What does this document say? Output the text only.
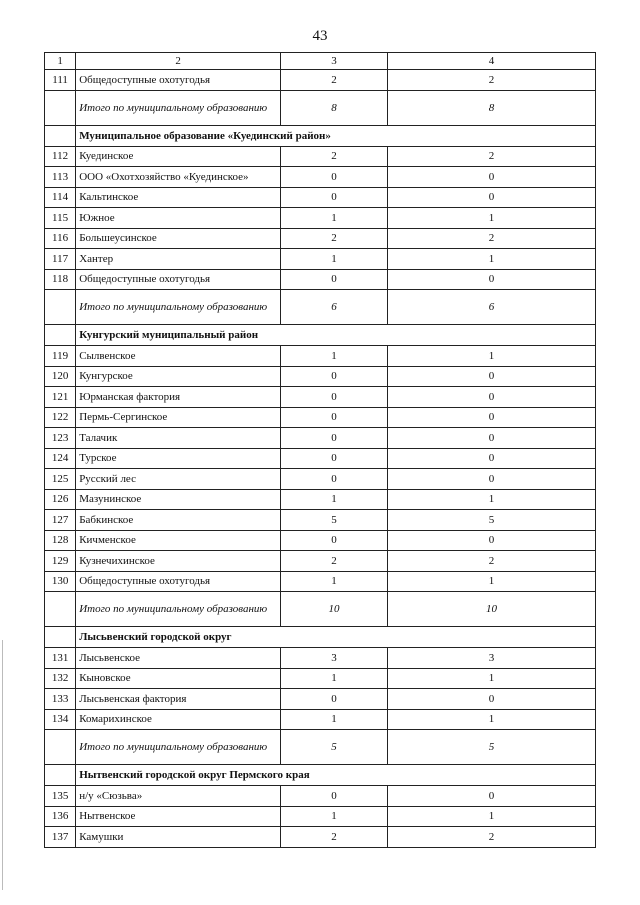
43
1	2	3	4
111	Общедоступные охотугодья	2	2
	Итого по муниципальному образованию	8	8
	Муниципальное образование «Куединский район»		
112	Куединское	2	2
113	ООО «Охотхозяйство «Куединское»	0	0
114	Кальтинское	0	0
115	Южное	1	1
116	Большеусинское	2	2
117	Хантер	1	1
118	Общедоступные охотугодья	0	0
	Итого по муниципальному образованию	6	6
	Кунгурский муниципальный район		
119	Сылвенское	1	1
120	Кунгурское	0	0
121	Юрманская фактория	0	0
122	Пермь-Сергинское	0	0
123	Талачик	0	0
124	Турское	0	0
125	Русский лес	0	0
126	Мазунинское	1	1
127	Бабкинское	5	5
128	Кичменское	0	0
129	Кузнечихинское	2	2
130	Общедоступные охотугодья	1	1
	Итого по муниципальному образованию	10	10
	Лысьвенский городской округ		
131	Лысьвенское	3	3
132	Кыновское	1	1
133	Лысьвенская фактория	0	0
134	Комарихинское	1	1
	Итого по муниципальному образованию	5	5
	Нытвенский городской округ Пермского края		
135	н/у «Сюзьва»	0	0
136	Нытвенское	1	1
137	Камушки	2	2
